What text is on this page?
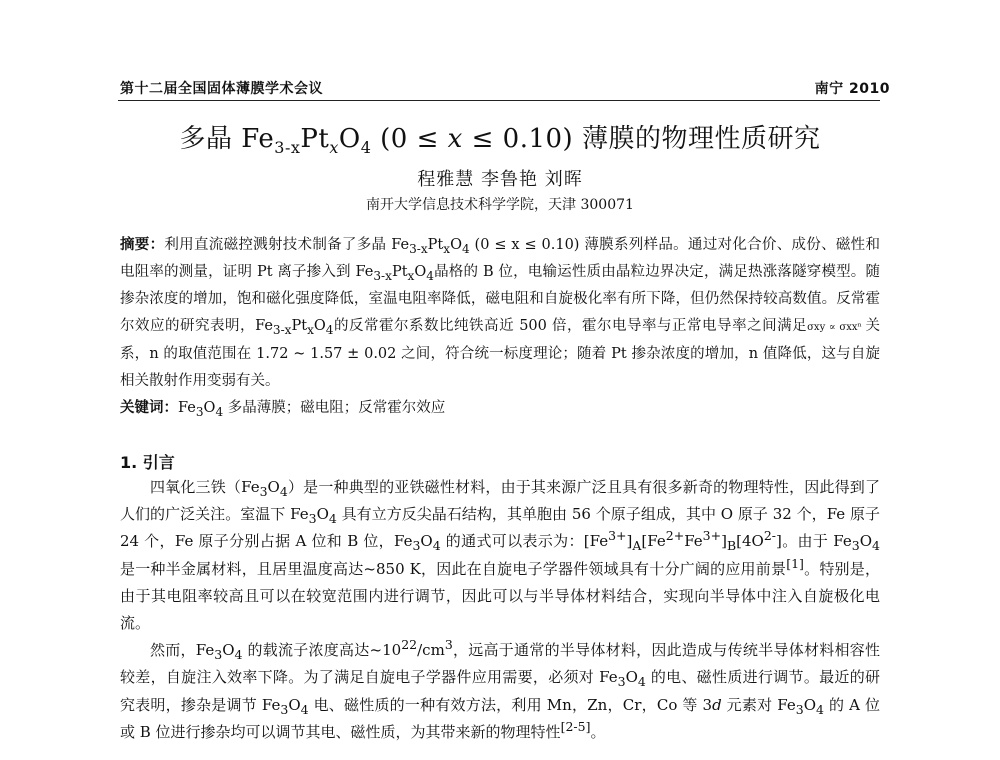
第十二届全国固体薄膜学术会议	南宁 2010
多晶 $Fe_{3-x}Pt_xO_4$ (0 ≤ x ≤ 0.10) 薄膜的物理性质研究
程雅慧 李鲁艳 刘晖
南开大学信息技术科学学院，天津 300071
摘要：利用直流磁控溅射技术制备了多晶 $Fe_{3-x}Pt_xO_4$ (0 ≤ x ≤ 0.10) 薄膜系列样品。通过对化合价、成份、磁性和电阻率的测量，证明 Pt 离子掺入到 $Fe_{3-x}Pt_xO_4$晶格的 B 位，电输运性质由晶粒边界决定，满足热涨落隧穿模型。随掺杂浓度的增加，饱和磁化强度降低，室温电阻率降低，磁电阻和自旋极化率有所下降，但仍然保持较高数值。反常霍尔效应的研究表明，$Fe_{3-x}Pt_xO_4$的反常霍尔系数比纯铁高近 500 倍，霍尔电导率与正常电导率之间满足σxy ∝ σxxⁿ 关系，n 的取值范围在 1.72 ~ 1.57 ± 0.02 之间，符合统一标度理论；随着 Pt 掺杂浓度的增加，n 值降低，这与自旋相关散射作用变弱有关。
关键词：$Fe_3O_4$ 多晶薄膜；磁电阻；反常霍尔效应
1. 引言

四氧化三铁$(Fe_3O_4)$是一种典型的亚铁磁性材料，由于其来源广泛且具有很多新奇的物理特性，因此得到了人们的广泛关注。室温下 $Fe_3O_4$ 具有立方反尖晶石结构，其单胞由 56 个原子组成，其中 O 原子 32 个，Fe 原子 24 个，Fe 原子分别占据 A 位和 B 位，$Fe_3O_4$ 的通式可以表示为：$[Fe^{3+}]_A[Fe^{2+}Fe^{3+}]_B[4O^{2-}]$。由于 $Fe_3O_4$ 是一种半金属材料，且居里温度高达~850 K，因此在自旋电子学器件领域具有十分广阔的应用前景[1]。特别是，由于其电阻率较高且可以在较宽范围内进行调节，因此可以与半导体材料结合，实现向半导体中注入自旋极化电流。

然而，$Fe_3O_4$ 的载流子浓度高达$\sim 10^{22}/cm^3$，远高于通常的半导体材料，因此造成与传统半导体材料相容性较差，自旋注入效率下降。为了满足自旋电子学器件应用需要，必须对 $Fe_3O_4$ 的电、磁性质进行调节。最近的研究表明，掺杂是调节 $Fe_3O_4$ 电、磁性质的一种有效方法，利用 Mn，Zn，Cr，Co 等 3d 元素对 $Fe_3O_4$ 的 A 位或 B 位进行掺杂均可以调节其电、磁性质，为其带来新的物理特性[2-5]。
